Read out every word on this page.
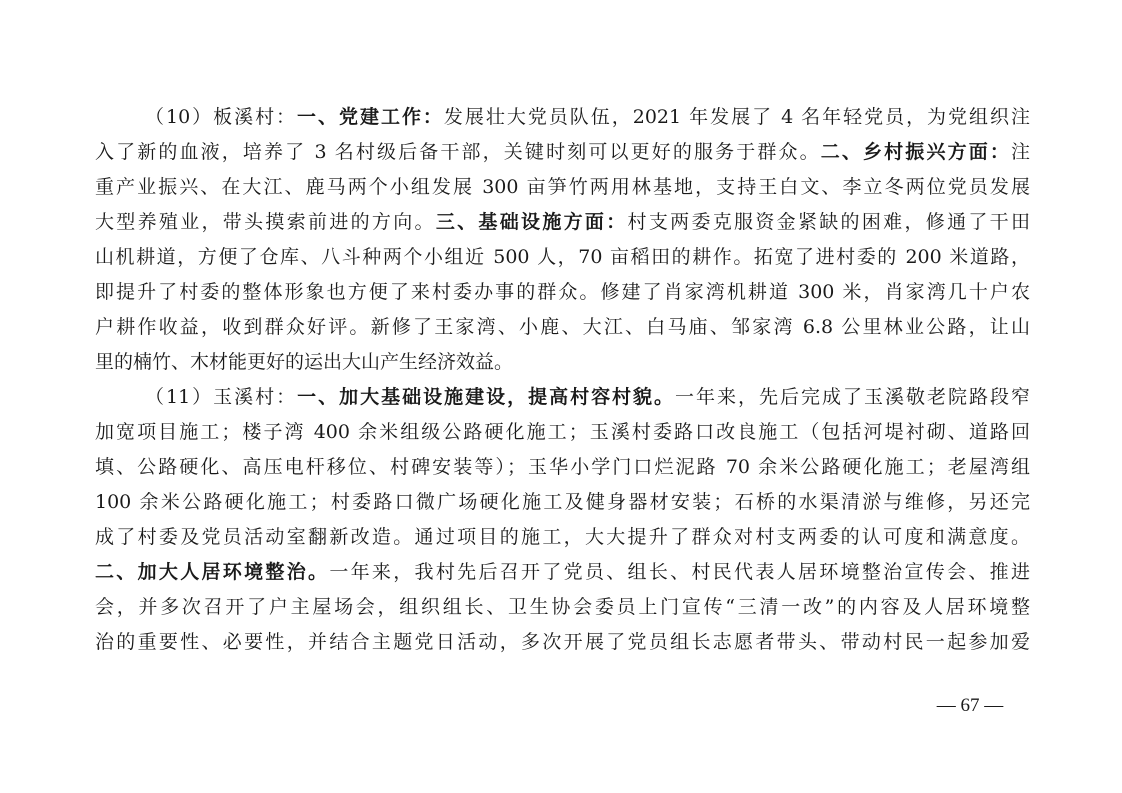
（10）板溪村：一、党建工作：发展壮大党员队伍，2021 年发展了 4 名年轻党员，为党组织注
入了新的血液，培养了 3 名村级后备干部，关键时刻可以更好的服务于群众。二、乡村振兴方面：注
重产业振兴、在大江、鹿马两个小组发展 300 亩笋竹两用林基地，支持王白文、李立冬两位党员发展
大型养殖业，带头摸索前进的方向。三、基础设施方面：村支两委克服资金紧缺的困难，修通了干田
山机耕道，方便了仓库、八斗种两个小组近 500 人，70 亩稻田的耕作。拓宽了进村委的 200 米道路，
即提升了村委的整体形象也方便了来村委办事的群众。修建了肖家湾机耕道 300 米，肖家湾几十户农
户耕作收益，收到群众好评。新修了王家湾、小鹿、大江、白马庙、邹家湾 6.8 公里林业公路，让山
里的楠竹、木材能更好的运出大山产生经济效益。
（11）玉溪村：一、加大基础设施建设，提高村容村貌。一年来，先后完成了玉溪敬老院路段窄
加宽项目施工；楼子湾 400 余米组级公路硬化施工；玉溪村委路口改良施工（包括河堤衬砌、道路回
填、公路硬化、高压电杆移位、村碑安装等）；玉华小学门口烂泥路 70 余米公路硬化施工；老屋湾组
100 余米公路硬化施工；村委路口微广场硬化施工及健身器材安装；石桥的水渠清淤与维修，另还完
成了村委及党员活动室翻新改造。通过项目的施工，大大提升了群众对村支两委的认可度和满意度。
二、加大人居环境整治。一年来，我村先后召开了党员、组长、村民代表人居环境整治宣传会、推进
会，并多次召开了户主屋场会，组织组长、卫生协会委员上门宣传“三清一改”的内容及人居环境整
治的重要性、必要性，并结合主题党日活动，多次开展了党员组长志愿者带头、带动村民一起参加爱
— 67 —
